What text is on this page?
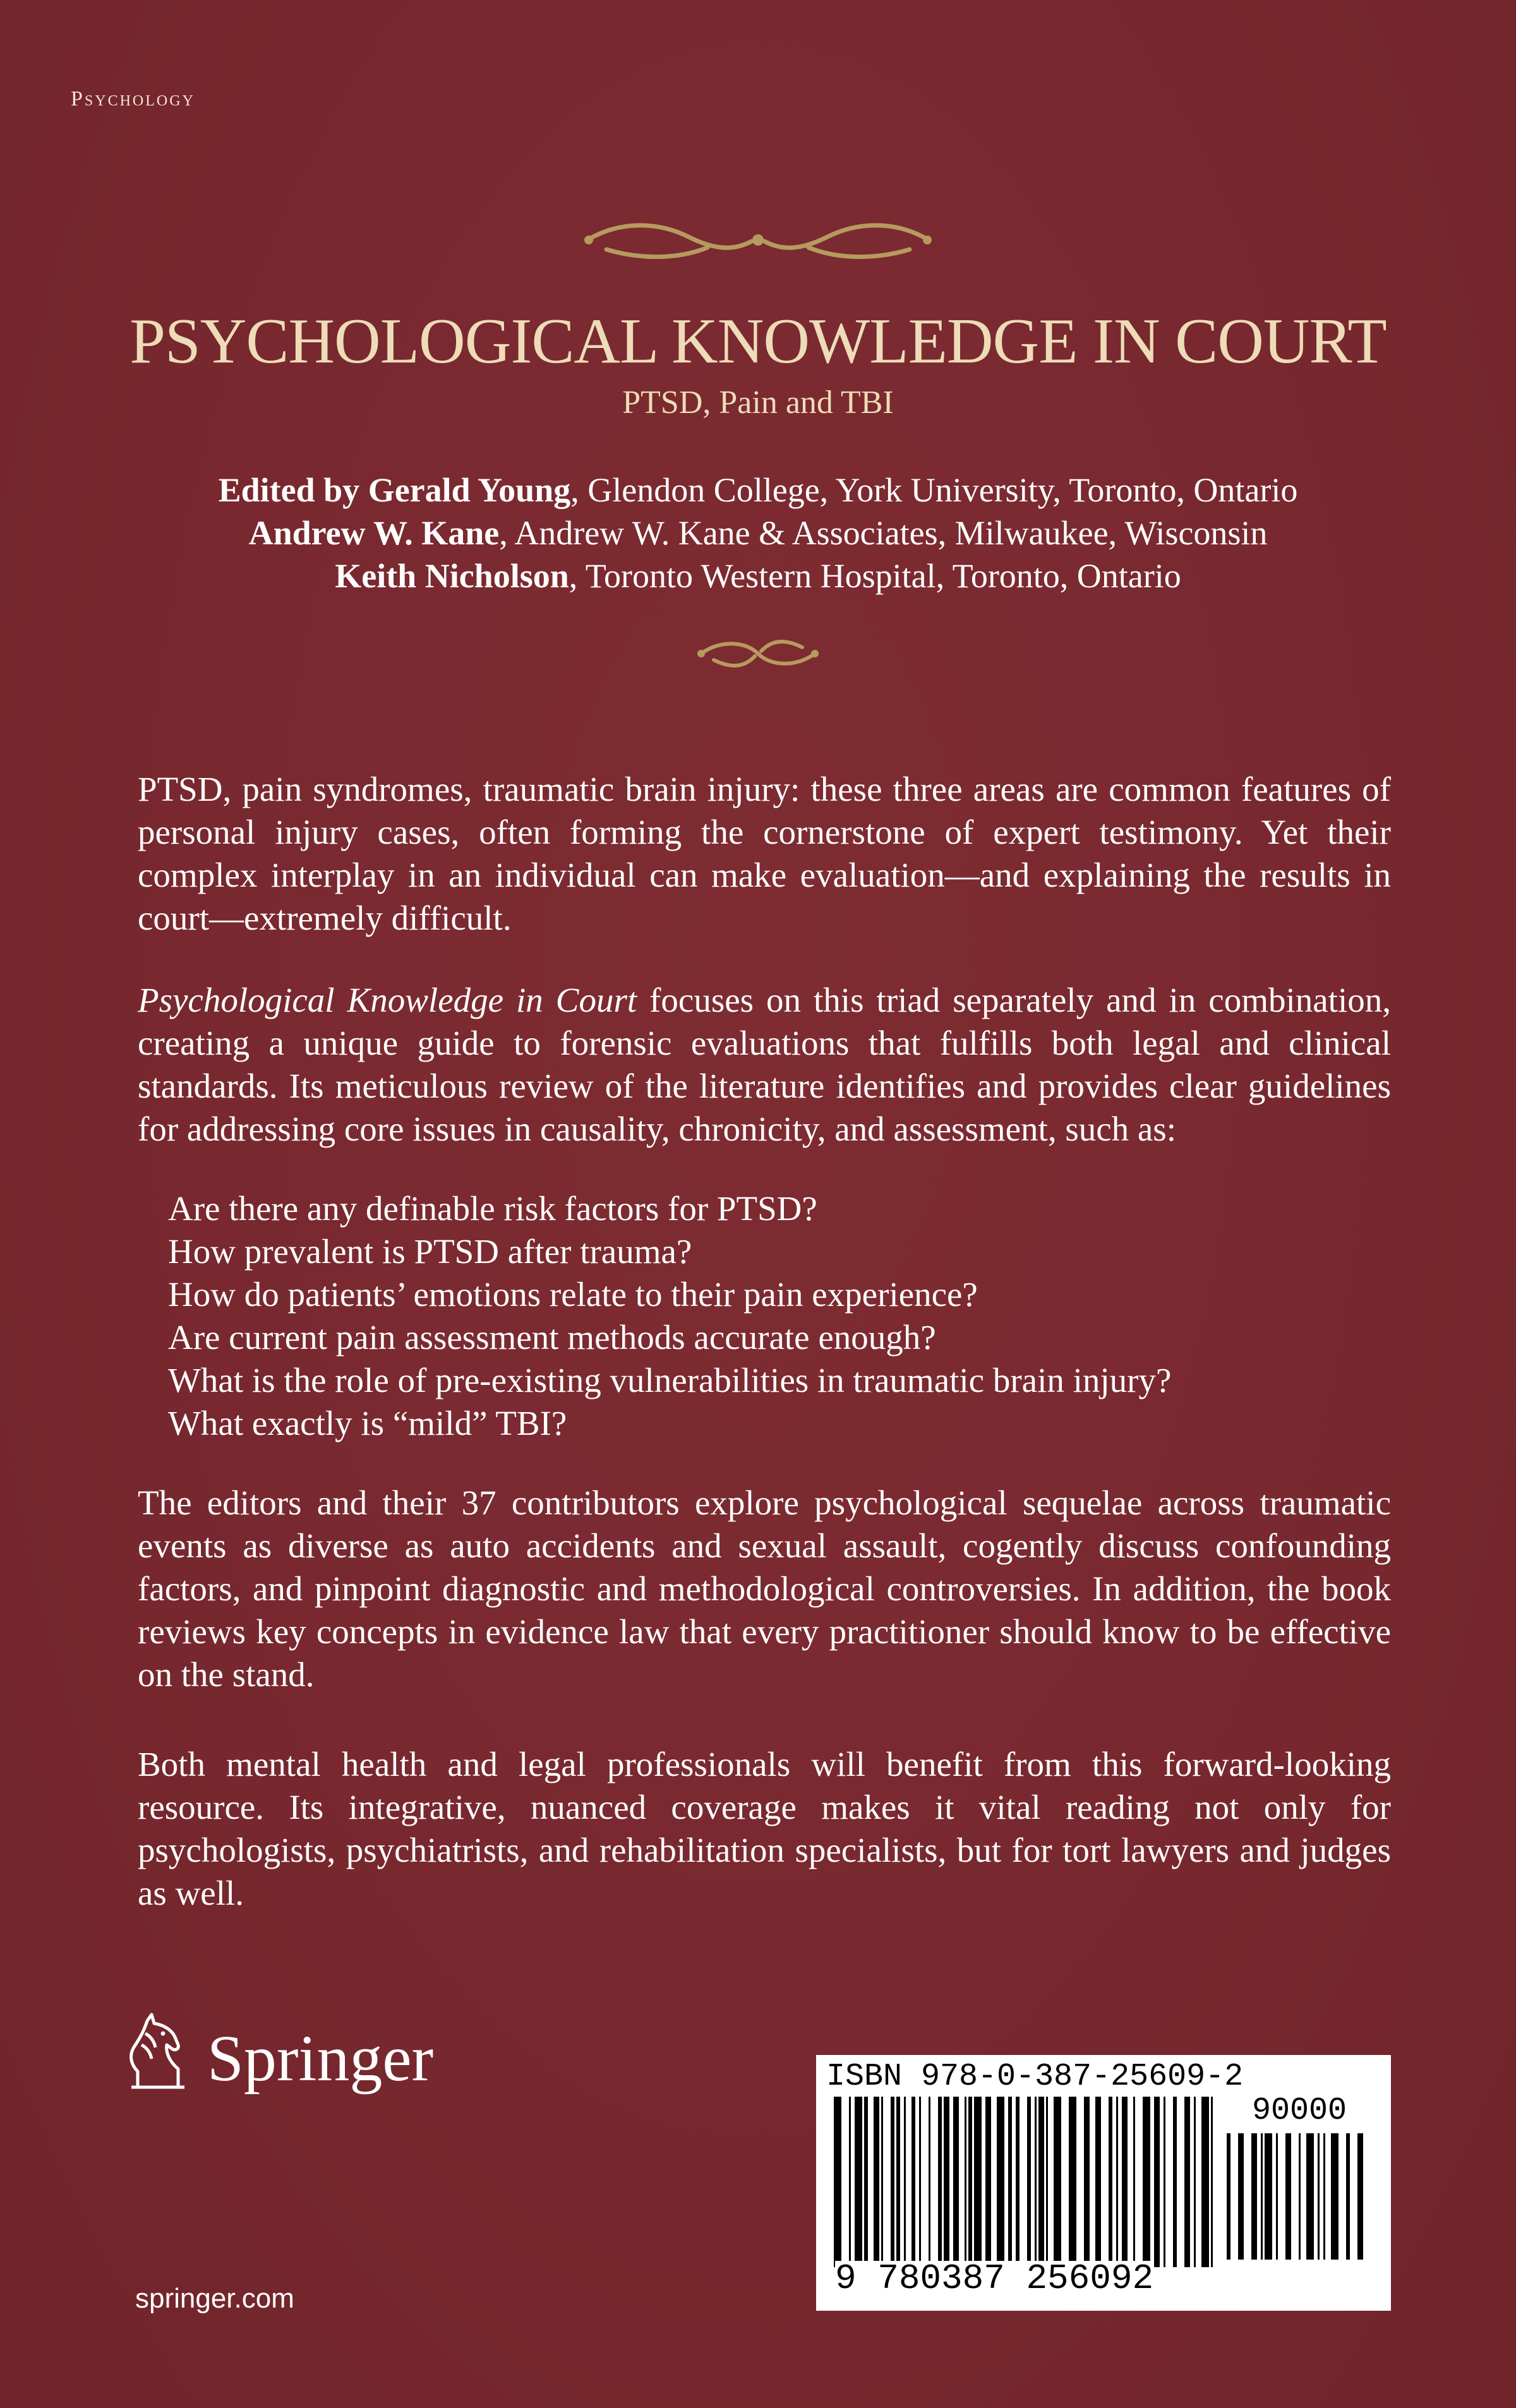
Psychology
PSYCHOLOGICAL KNOWLEDGE IN COURT
PTSD, Pain and TBI
Edited by Gerald Young, Glendon College, York University, Toronto, Ontario
Andrew W. Kane, Andrew W. Kane & Associates, Milwaukee, Wisconsin
Keith Nicholson, Toronto Western Hospital, Toronto, Ontario
PTSD, pain syndromes, traumatic brain injury: these three areas are common features of personal injury cases, often forming the cornerstone of expert testimony. Yet their complex interplay in an individual can make evaluation—and explaining the results in court—extremely difficult.
Psychological Knowledge in Court focuses on this triad separately and in combination, creating a unique guide to forensic evaluations that fulfills both legal and clinical standards. Its meticulous review of the literature identifies and provides clear guidelines for addressing core issues in causality, chronicity, and assessment, such as:
Are there any definable risk factors for PTSD?
How prevalent is PTSD after trauma?
How do patients’ emotions relate to their pain experience?
Are current pain assessment methods accurate enough?
What is the role of pre-existing vulnerabilities in traumatic brain injury?
What exactly is “mild” TBI?
The editors and their 37 contributors explore psychological sequelae across traumatic events as diverse as auto accidents and sexual assault, cogently discuss confounding factors, and pinpoint diagnostic and methodological controversies. In addition, the book reviews key concepts in evidence law that every practitioner should know to be effective on the stand.
Both mental health and legal professionals will benefit from this forward-looking resource. Its integrative, nuanced coverage makes it vital reading not only for psychologists, psychiatrists, and rehabilitation specialists, but for tort lawyers and judges as well.
Springer
springer.com
ISBN 978-0-387-25609-2
90000
9 780387 256092
